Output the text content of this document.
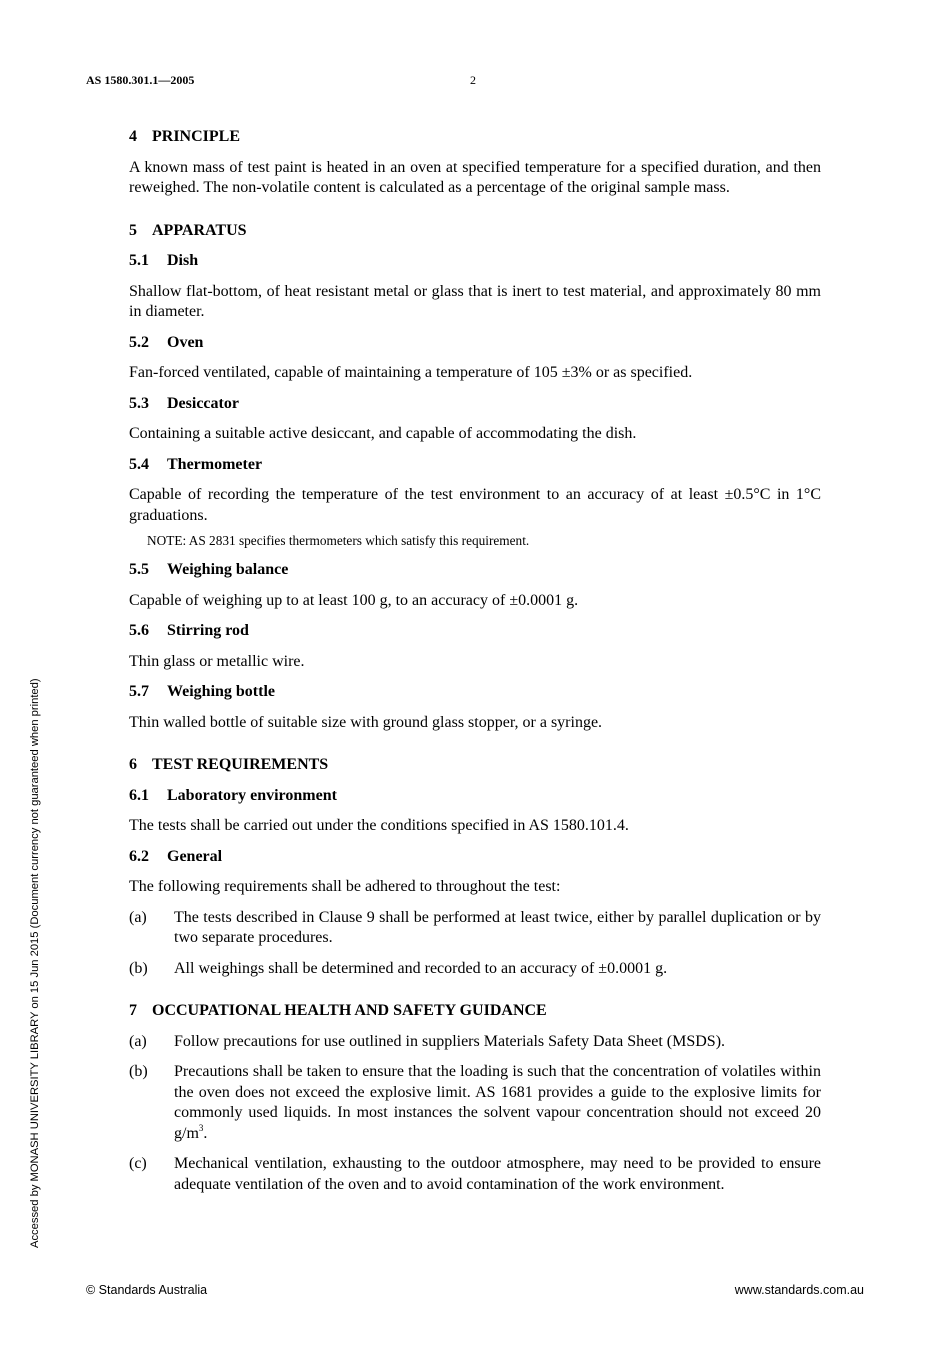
AS 1580.301.1—2005	2
Accessed by MONASH UNIVERSITY LIBRARY on 15 Jun 2015 (Document currency not guaranteed when printed)
4 PRINCIPLE

A known mass of test paint is heated in an oven at specified temperature for a specified duration, and then reweighed. The non-volatile content is calculated as a percentage of the original sample mass.

5 APPARATUS
5.1 Dish

Shallow flat-bottom, of heat resistant metal or glass that is inert to test material, and approximately 80 mm in diameter.

5.2 Oven

Fan-forced ventilated, capable of maintaining a temperature of 105 ±3% or as specified.

5.3 Desiccator

Containing a suitable active desiccant, and capable of accommodating the dish.

5.4 Thermometer

Capable of recording the temperature of the test environment to an accuracy of at least ±0.5°C in 1°C graduations.

NOTE: AS 2831 specifies thermometers which satisfy this requirement.
5.5 Weighing balance

Capable of weighing up to at least 100 g, to an accuracy of ±0.0001 g.

5.6 Stirring rod

Thin glass or metallic wire.

5.7 Weighing bottle

Thin walled bottle of suitable size with ground glass stopper, or a syringe.

6 TEST REQUIREMENTS
6.1 Laboratory environment

The tests shall be carried out under the conditions specified in AS 1580.101.4.

6.2 General

The following requirements shall be adhered to throughout the test:

(a)	The tests described in Clause 9 shall be performed at least twice, either by parallel duplication or by two separate procedures.
(b)	All weighings shall be determined and recorded to an accuracy of ±0.0001 g.
7 OCCUPATIONAL HEALTH AND SAFETY GUIDANCE
(a)	Follow precautions for use outlined in suppliers Materials Safety Data Sheet (MSDS).
(b)	Precautions shall be taken to ensure that the loading is such that the concentration of volatiles within the oven does not exceed the explosive limit. AS 1681 provides a guide to the explosive limits for commonly used liquids. In most instances the solvent vapour concentration should not exceed 20 $g/m^3$.
(c)	Mechanical ventilation, exhausting to the outdoor atmosphere, may need to be provided to ensure adequate ventilation of the oven and to avoid contamination of the work environment.
© Standards Australia	www.standards.com.au
